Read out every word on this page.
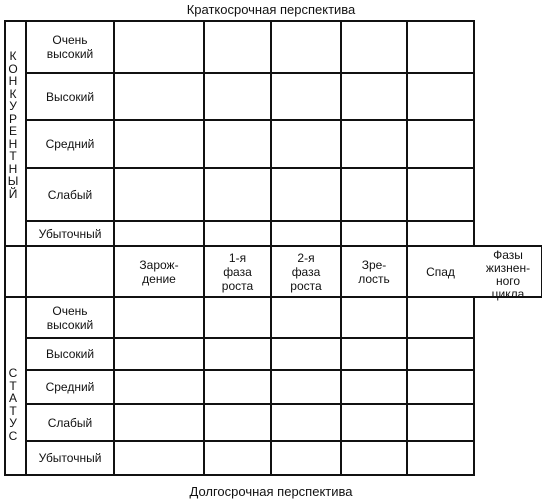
Краткосрочная перспектива
К
О
Н
К
У
Р
Е
Н
Т
Н
Ы
Й
С
Т
А
Т
У
С
Очень
высокий
Высокий
Средний
Слабый
Убыточный
Зарож-
дение
1-я
фаза
роста
2-я
фаза
роста
Зре-
лость	Спад
Фазы
жизнен-
ного
цикла
Очень
высокий
Высокий
Средний
Слабый
Убыточный
Долгосрочная перспектива
